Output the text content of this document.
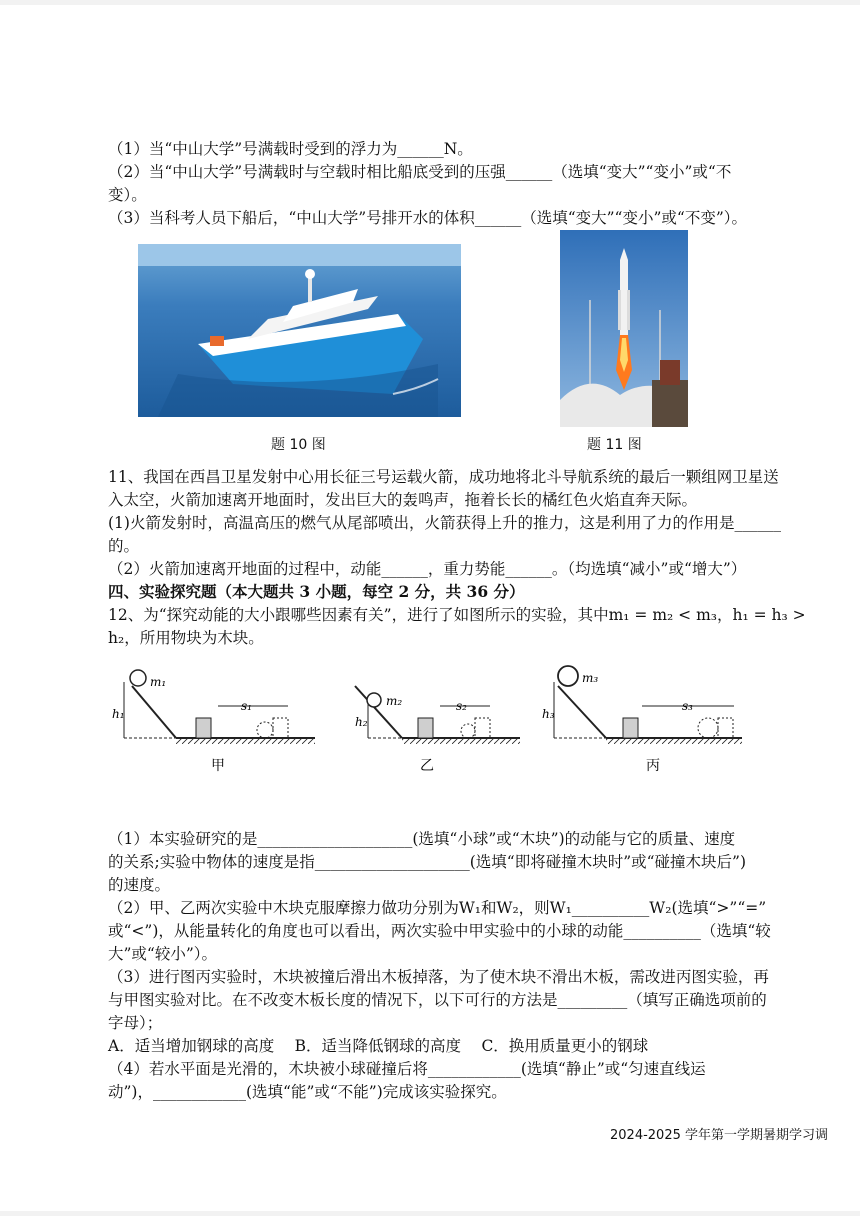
（1）当“中山大学”号满载时受到的浮力为______N。
（2）当“中山大学”号满载时与空载时相比船底受到的压强______（选填“变大”“变小”或“不
变）。
（3）当科考人员下船后，“中山大学”号排开水的体积______（选填“变大”“变小”或“不变”）。
题 10 图	题 11 图
11、我国在西昌卫星发射中心用长征三号运载火箭，成功地将北斗导航系统的最后一颗组网卫星送
入太空，火箭加速离开地面时，发出巨大的轰鸣声，拖着长长的橘红色火焰直奔天际。
(1)火箭发射时，高温高压的燃气从尾部喷出，火箭获得上升的推力，这是利用了力的作用是______
的。
（2）火箭加速离开地面的过程中，动能______，重力势能______。（均选填“减小”或“增大”）
四、实验探究题（本大题共 3 小题，每空 2 分，共 36 分）
12、为“探究动能的大小跟哪些因素有关”，进行了如图所示的实验，其中m₁ = m₂ < m₃，h₁ = h₃ >
h₂，所用物块为木块。
m₁
h₁
s₁
甲
m₂
h₂
s₂
乙
m₃
h₃
s₃
丙
（1）本实验研究的是____________________(选填“小球”或“木块”)的动能与它的质量、速度
的关系;实验中物体的速度是指____________________(选填“即将碰撞木块时”或“碰撞木块后”)
的速度。
（2）甲、乙两次实验中木块克服摩擦力做功分别为W₁和W₂，则W₁__________W₂(选填“>”“=”
或“<”)，从能量转化的角度也可以看出，两次实验中甲实验中的小球的动能__________（选填“较
大”或“较小”）。
（3）进行图丙实验时，木块被撞后滑出木板掉落，为了使木块不滑出木板，需改进丙图实验，再
与甲图实验对比。在不改变木板长度的情况下，以下可行的方法是_________（填写正确选项前的
字母）；
A．适当增加钢球的高度　 B．适当降低钢球的高度　 C．换用质量更小的钢球
（4）若水平面是光滑的，木块被小球碰撞后将____________(选填“静止”或“匀速直线运
动”)，____________(选填“能”或“不能”)完成该实验探究。
2024-2025 学年第一学期暑期学习调
